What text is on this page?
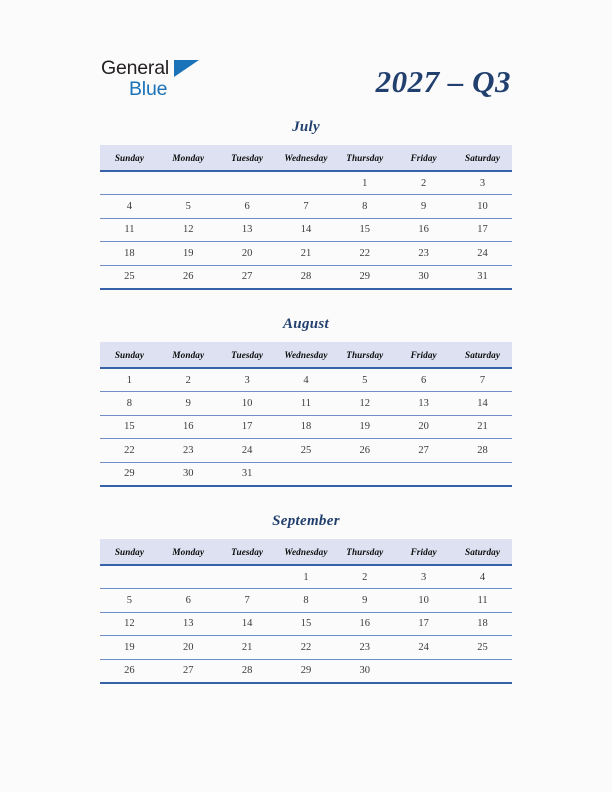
General
Blue	2027 – Q3
July
Sunday	Monday	Tuesday	Wednesday	Thursday	Friday	Saturday
				1	2	3
4	5	6	7	8	9	10
11	12	13	14	15	16	17
18	19	20	21	22	23	24
25	26	27	28	29	30	31
August
Sunday	Monday	Tuesday	Wednesday	Thursday	Friday	Saturday
1	2	3	4	5	6	7
8	9	10	11	12	13	14
15	16	17	18	19	20	21
22	23	24	25	26	27	28
29	30	31				
September
Sunday	Monday	Tuesday	Wednesday	Thursday	Friday	Saturday
			1	2	3	4
5	6	7	8	9	10	11
12	13	14	15	16	17	18
19	20	21	22	23	24	25
26	27	28	29	30		
